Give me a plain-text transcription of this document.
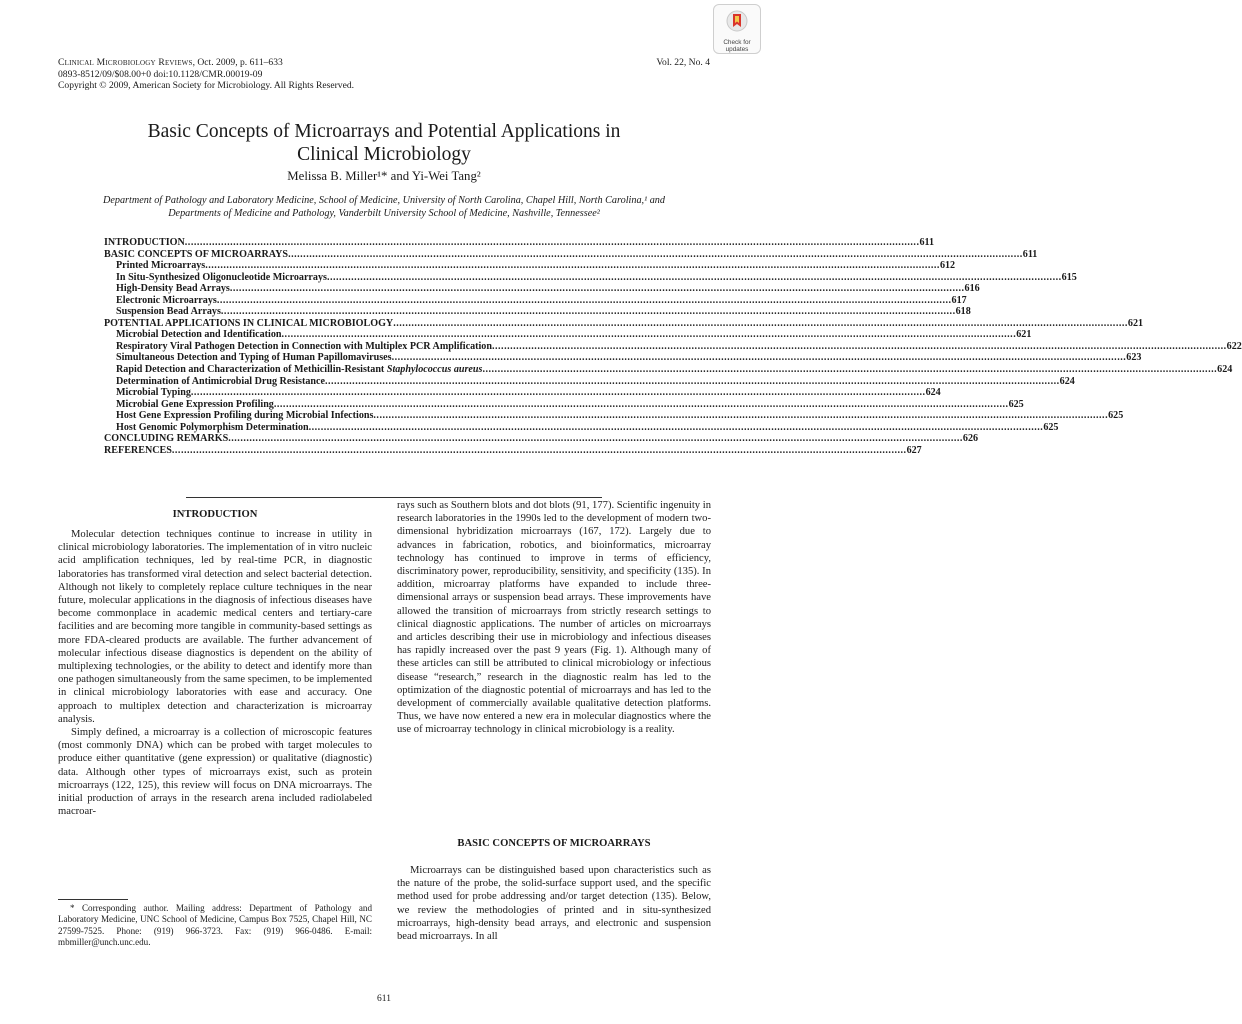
Clinical Microbiology Reviews, Oct. 2009, p. 611–633
0893-8512/09/$08.00+0 doi:10.1128/CMR.00019-09
Copyright © 2009, American Society for Microbiology. All Rights Reserved.
Vol. 22, No. 4
Check for
updates
Basic Concepts of Microarrays and Potential Applications in
Clinical Microbiology
Melissa B. Miller¹* and Yi-Wei Tang²
Department of Pathology and Laboratory Medicine, School of Medicine, University of North Carolina, Chapel Hill, North Carolina,¹ and
Departments of Medicine and Pathology, Vanderbilt University School of Medicine, Nashville, Tennessee²
INTRODUCTION ................................................................................................................................................................................................................................................... 611
BASIC CONCEPTS OF MICROARRAYS ................................................................................................................................................................................................................................................... 611
Printed Microarrays ................................................................................................................................................................................................................................................... 612
In Situ-Synthesized Oligonucleotide Microarrays ................................................................................................................................................................................................................................................... 615
High-Density Bead Arrays ................................................................................................................................................................................................................................................... 616
Electronic Microarrays ................................................................................................................................................................................................................................................... 617
Suspension Bead Arrays ................................................................................................................................................................................................................................................... 618
POTENTIAL APPLICATIONS IN CLINICAL MICROBIOLOGY ................................................................................................................................................................................................................................................... 621
Microbial Detection and Identification ................................................................................................................................................................................................................................................... 621
Respiratory Viral Pathogen Detection in Connection with Multiplex PCR Amplification ................................................................................................................................................................................................................................................... 622
Simultaneous Detection and Typing of Human Papillomaviruses ................................................................................................................................................................................................................................................... 623
Rapid Detection and Characterization of Methicillin-Resistant Staphylococcus aureus ................................................................................................................................................................................................................................................... 624
Determination of Antimicrobial Drug Resistance ................................................................................................................................................................................................................................................... 624
Microbial Typing ................................................................................................................................................................................................................................................... 624
Microbial Gene Expression Profiling ................................................................................................................................................................................................................................................... 625
Host Gene Expression Profiling during Microbial Infections ................................................................................................................................................................................................................................................... 625
Host Genomic Polymorphism Determination ................................................................................................................................................................................................................................................... 625
CONCLUDING REMARKS ................................................................................................................................................................................................................................................... 626
REFERENCES ................................................................................................................................................................................................................................................... 627
INTRODUCTION

Molecular detection techniques continue to increase in utility in clinical microbiology laboratories. The implementation of in vitro nucleic acid amplification techniques, led by real-time PCR, in diagnostic laboratories has transformed viral detection and select bacterial detection. Although not likely to completely replace culture techniques in the near future, molecular applications in the diagnosis of infectious diseases have become commonplace in academic medical centers and tertiary-care facilities and are becoming more tangible in community-based settings as more FDA-cleared products are available. The further advancement of molecular infectious disease diagnostics is dependent on the ability of multiplexing technologies, or the ability to detect and identify more than one pathogen simultaneously from the same specimen, to be implemented in clinical microbiology laboratories with ease and accuracy. One approach to multiplex detection and characterization is microarray analysis.

Simply defined, a microarray is a collection of microscopic features (most commonly DNA) which can be probed with target molecules to produce either quantitative (gene expression) or qualitative (diagnostic) data. Although other types of microarrays exist, such as protein microarrays (122, 125), this review will focus on DNA microarrays. The initial production of arrays in the research arena included radiolabeled macroar-

rays such as Southern blots and dot blots (91, 177). Scientific ingenuity in research laboratories in the 1990s led to the development of modern two-dimensional hybridization microarrays (167, 172). Largely due to advances in fabrication, robotics, and bioinformatics, microarray technology has continued to improve in terms of efficiency, discriminatory power, reproducibility, sensitivity, and specificity (135). In addition, microarray platforms have expanded to include three-dimensional arrays or suspension bead arrays. These improvements have allowed the transition of microarrays from strictly research settings to clinical diagnostic applications. The number of articles on microarrays and articles describing their use in microbiology and infectious diseases has rapidly increased over the past 9 years (Fig. 1). Although many of these articles can still be attributed to clinical microbiology or infectious disease “research,” research in the diagnostic realm has led to the optimization of the diagnostic potential of microarrays and has led to the development of commercially available qualitative detection platforms. Thus, we have now entered a new era in molecular diagnostics where the use of microarray technology in clinical microbiology is a reality.

BASIC CONCEPTS OF MICROARRAYS

Microarrays can be distinguished based upon characteristics such as the nature of the probe, the solid-surface support used, and the specific method used for probe addressing and/or target detection (135). Below, we review the methodologies of printed and in situ-synthesized microarrays, high-density bead arrays, and electronic and suspension bead microarrays. In all

* Corresponding author. Mailing address: Department of Pathology and Laboratory Medicine, UNC School of Medicine, Campus Box 7525, Chapel Hill, NC 27599-7525. Phone: (919) 966-3723. Fax: (919) 966-0486. E-mail: mbmiller@unch.unc.edu.

611
